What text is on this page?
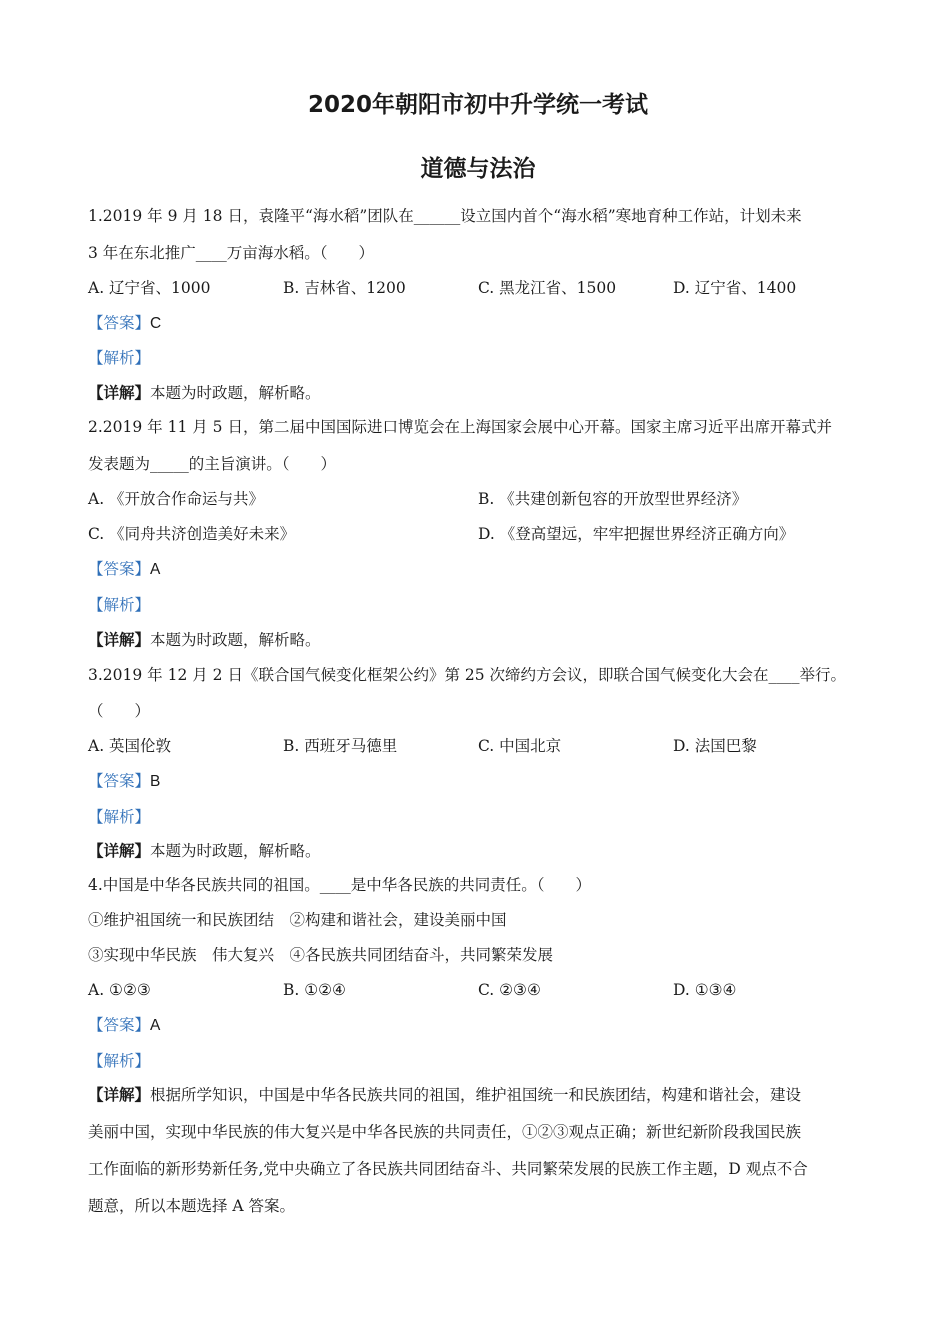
2020年朝阳市初中升学统一考试
道德与法治

1.2019 年 9 月 18 日，袁隆平“海水稻”团队在______设立国内首个“海水稻”寒地育种工作站，计划未来

3 年在东北推广____万亩海水稻。（　　）

A. 辽宁省、1000	B. 吉林省、1200	C. 黑龙江省、1500	D. 辽宁省、1400

【答案】C

【解析】

【详解】本题为时政题，解析略。

2.2019 年 11 月 5 日，第二届中国国际进口博览会在上海国家会展中心开幕。国家主席习近平出席开幕式并

发表题为_____的主旨演讲。（　　）

A. 《开放合作命运与共》	B. 《共建创新包容的开放型世界经济》
C. 《同舟共济创造美好未来》	D. 《登高望远，牢牢把握世界经济正确方向》

【答案】A

【解析】

【详解】本题为时政题，解析略。

3.2019 年 12 月 2 日《联合国气候变化框架公约》第 25 次缔约方会议，即联合国气候变化大会在____举行。

（　　）

A. 英国伦敦	B. 西班牙马德里	C. 中国北京	D. 法国巴黎

【答案】B

【解析】

【详解】本题为时政题，解析略。

4.中国是中华各民族共同的祖国。____是中华各民族的共同责任。（　　）

①维护祖国统一和民族团结　②构建和谐社会，建设美丽中国

③实现中华民族　伟大复兴　④各民族共同团结奋斗，共同繁荣发展

A. ①②③	B. ①②④	C. ②③④	D. ①③④

【答案】A

【解析】

【详解】根据所学知识，中国是中华各民族共同的祖国，维护祖国统一和民族团结，构建和谐社会，建设

美丽中国，实现中华民族的伟大复兴是中华各民族的共同责任，①②③观点正确；新世纪新阶段我国民族

工作面临的新形势新任务,党中央确立了各民族共同团结奋斗、共同繁荣发展的民族工作主题，D 观点不合

题意，所以本题选择 A 答案。
